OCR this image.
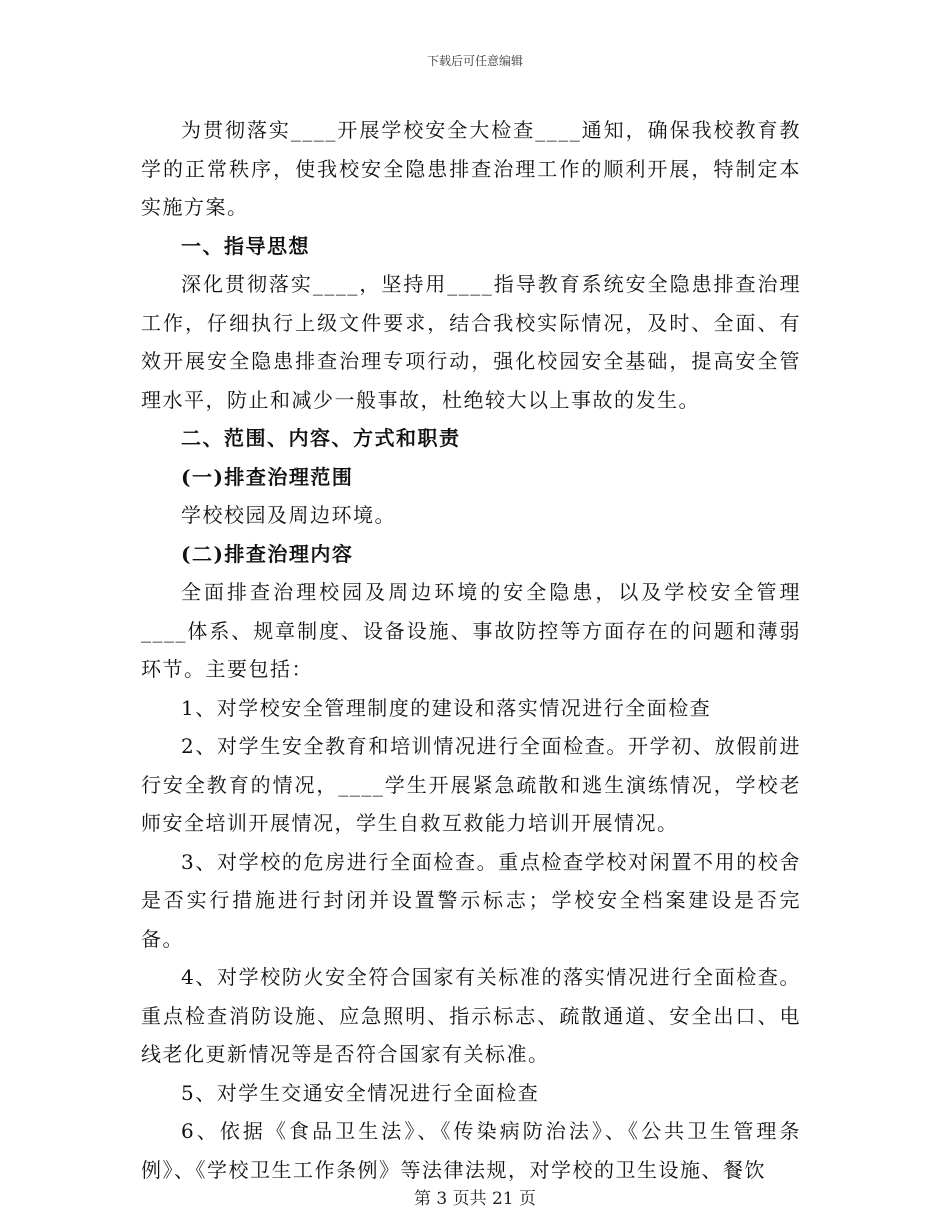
下载后可任意编辑

为贯彻落实____开展学校安全大检查____通知，确保我校教育教学的正常秩序，使我校安全隐患排查治理工作的顺利开展，特制定本实施方案。

一、指导思想

深化贯彻落实____，坚持用____指导教育系统安全隐患排查治理工作，仔细执行上级文件要求，结合我校实际情况，及时、全面、有效开展安全隐患排查治理专项行动，强化校园安全基础，提高安全管理水平，防止和减少一般事故，杜绝较大以上事故的发生。

二、范围、内容、方式和职责

(一)排查治理范围

学校校园及周边环境。

(二)排查治理内容

全面排查治理校园及周边环境的安全隐患，以及学校安全管理____体系、规章制度、设备设施、事故防控等方面存在的问题和薄弱环节。主要包括：

1、对学校安全管理制度的建设和落实情况进行全面检查

2、对学生安全教育和培训情况进行全面检查。开学初、放假前进行安全教育的情况，____学生开展紧急疏散和逃生演练情况，学校老师安全培训开展情况，学生自救互救能力培训开展情况。

3、对学校的危房进行全面检查。重点检查学校对闲置不用的校舍是否实行措施进行封闭并设置警示标志；学校安全档案建设是否完备。

4、对学校防火安全符合国家有关标准的落实情况进行全面检查。重点检查消防设施、应急照明、指示标志、疏散通道、安全出口、电线老化更新情况等是否符合国家有关标准。

5、对学生交通安全情况进行全面检查

6、依据《食品卫生法》、《传染病防治法》、《公共卫生管理条例》、《学校卫生工作条例》等法律法规，对学校的卫生设施、餐饮

第 3 页共 21 页
